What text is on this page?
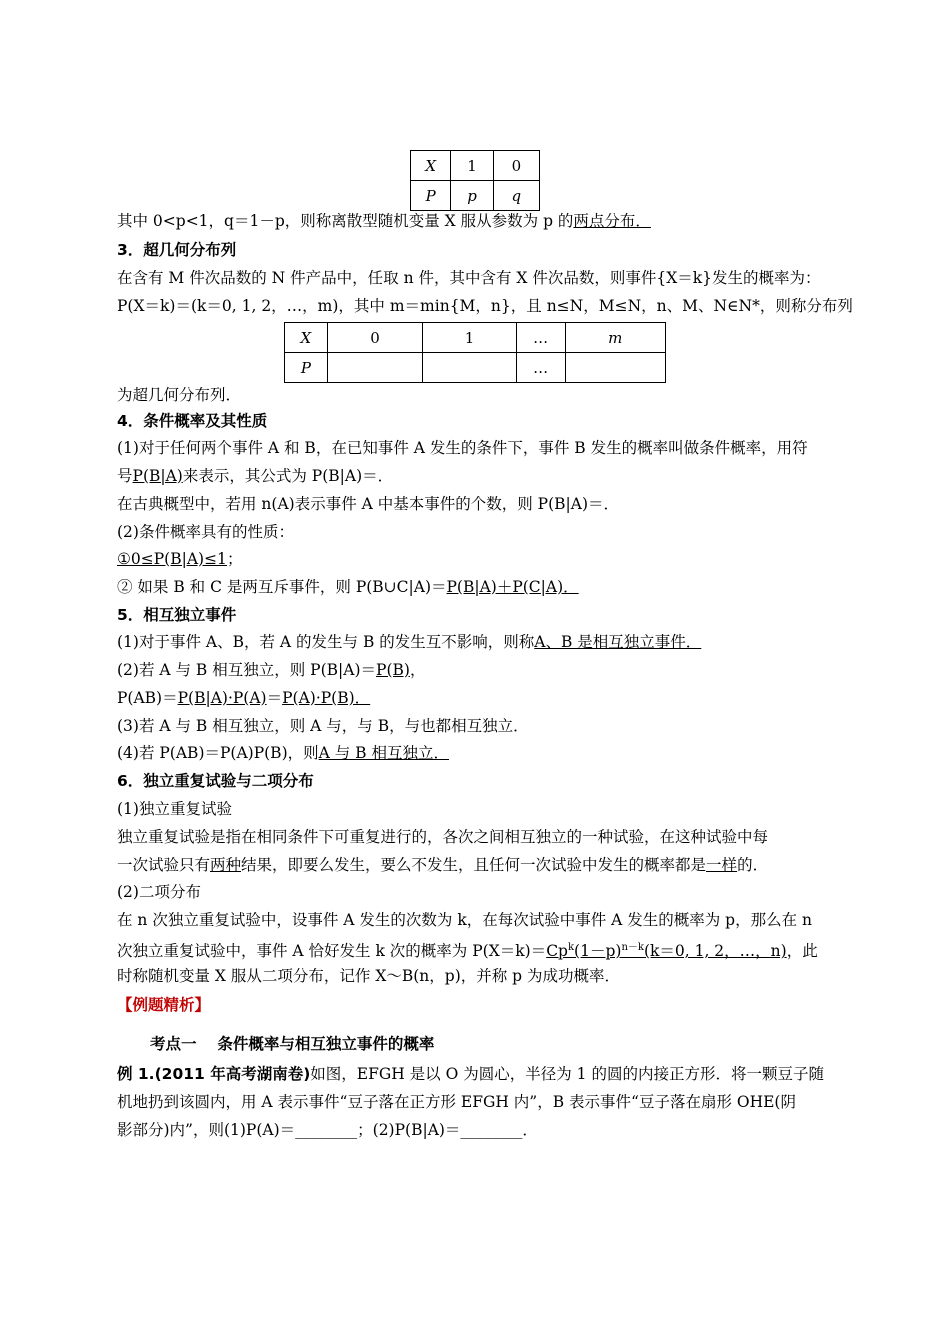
X	1	0
P	p	q
其中 0<p<1，q＝1－p，则称离散型随机变量 X 服从参数为 p 的两点分布．
3．超几何分布列
在含有 M 件次品数的 N 件产品中，任取 n 件，其中含有 X 件次品数，则事件{X＝k}发生的概率为：
P(X＝k)＝(k＝0, 1, 2，…，m)，其中 m＝min{M，n}，且 n≤N，M≤N，n、M、N∈N*，则称分布列
X	0	1	…	m
P			…	
为超几何分布列．
4．条件概率及其性质
(1)对于任何两个事件 A 和 B，在已知事件 A 发生的条件下，事件 B 发生的概率叫做条件概率，用符
号P(B|A)来表示，其公式为 P(B|A)＝．
在古典概型中，若用 n(A)表示事件 A 中基本事件的个数，则 P(B|A)＝．
(2)条件概率具有的性质：
①0≤P(B|A)≤1；
② 如果 B 和 C 是两互斥事件，则 P(B∪C|A)＝P(B|A)＋P(C|A)．
5．相互独立事件
(1)对于事件 A、B，若 A 的发生与 B 的发生互不影响，则称A、B 是相互独立事件．
(2)若 A 与 B 相互独立，则 P(B|A)＝P(B)，
P(AB)＝P(B|A)·P(A)＝P(A)·P(B)．
(3)若 A 与 B 相互独立，则 A 与，与 B，与也都相互独立．
(4)若 P(AB)＝P(A)P(B)，则A 与 B 相互独立．
6．独立重复试验与二项分布
(1)独立重复试验
独立重复试验是指在相同条件下可重复进行的，各次之间相互独立的一种试验，在这种试验中每
一次试验只有两种结果，即要么发生，要么不发生，且任何一次试验中发生的概率都是一样的．
(2)二项分布
在 n 次独立重复试验中，设事件 A 发生的次数为 k，在每次试验中事件 A 发生的概率为 p，那么在 n
次独立重复试验中，事件 A 恰好发生 k 次的概率为 $P(X=k)=Cp^k(1-p)^{n-k}(k=0$, 1, 2，…，n)，此
时称随机变量 X 服从二项分布，记作 X～B(n，p)，并称 p 为成功概率．
【例题精析】
考点一　 条件概率与相互独立事件的概率
例 1.(2011 年高考湖南卷)如图，EFGH 是以 O 为圆心，半径为 1 的圆的内接正方形．将一颗豆子随
机地扔到该圆内，用 A 表示事件“豆子落在正方形 EFGH 内”，B 表示事件“豆子落在扇形 OHE(阴
影部分)内”，则(1)P(A)＝________；(2)P(B|A)＝________．
